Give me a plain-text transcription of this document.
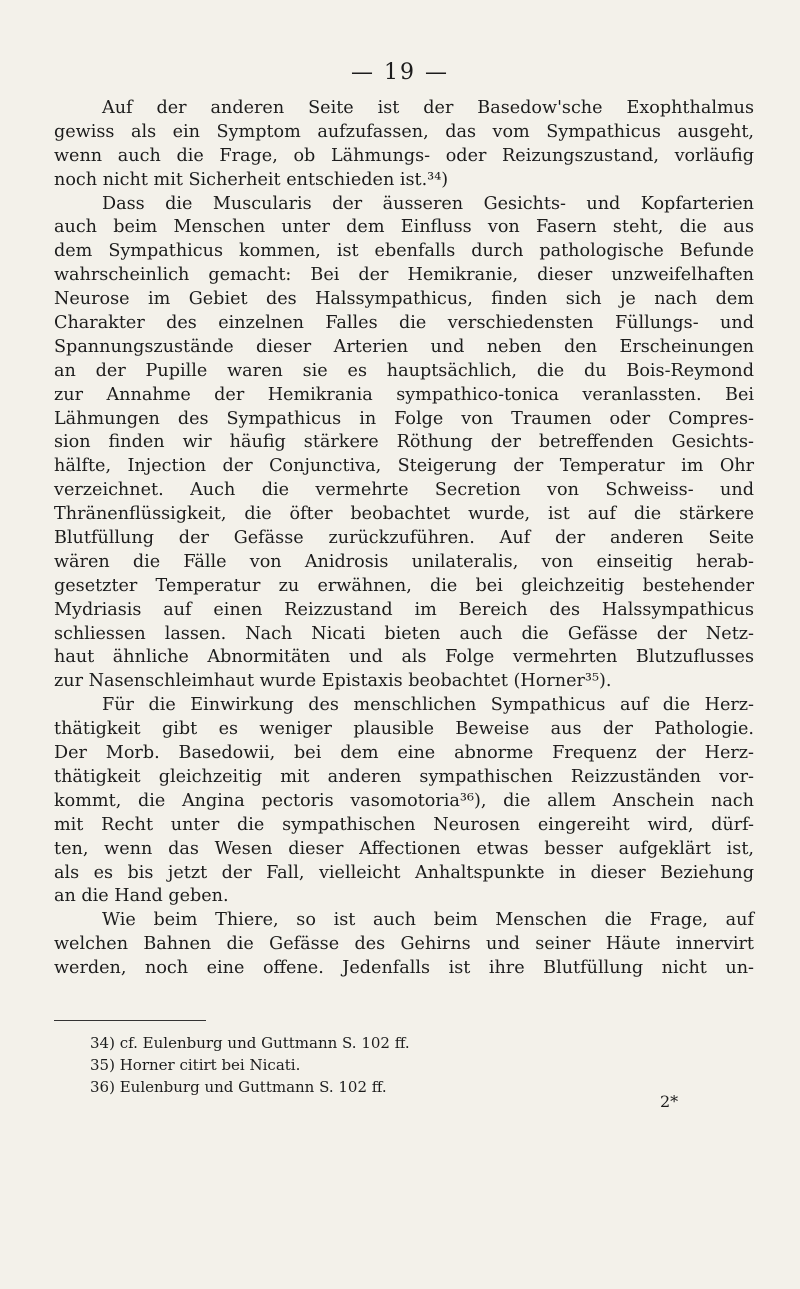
— 19 —
Auf der anderen Seite ist der Basedow'sche Exophthalmus
gewiss als ein Symptom aufzufassen, das vom Sympathicus ausgeht,
wenn auch die Frage, ob Lähmungs- oder Reizungszustand, vorläufig
noch nicht mit Sicherheit entschieden ist.³⁴)
Dass die Muscularis der äusseren Gesichts- und Kopfarterien
auch beim Menschen unter dem Einfluss von Fasern steht, die aus
dem Sympathicus kommen, ist ebenfalls durch pathologische Befunde
wahrscheinlich gemacht: Bei der Hemikranie, dieser unzweifelhaften
Neurose im Gebiet des Halssympathicus, finden sich je nach dem
Charakter des einzelnen Falles die verschiedensten Füllungs- und
Spannungszustände dieser Arterien und neben den Erscheinungen
an der Pupille waren sie es hauptsächlich, die du Bois-Reymond
zur Annahme der Hemikrania sympathico-tonica veranlassten. Bei
Lähmungen des Sympathicus in Folge von Traumen oder Compres-
sion finden wir häufig stärkere Röthung der betreffenden Gesichts-
hälfte, Injection der Conjunctiva, Steigerung der Temperatur im Ohr
verzeichnet. Auch die vermehrte Secretion von Schweiss- und
Thränenflüssigkeit, die öfter beobachtet wurde, ist auf die stärkere
Blutfüllung der Gefässe zurückzuführen. Auf der anderen Seite
wären die Fälle von Anidrosis unilateralis, von einseitig herab-
gesetzter Temperatur zu erwähnen, die bei gleichzeitig bestehender
Mydriasis auf einen Reizzustand im Bereich des Halssympathicus
schliessen lassen. Nach Nicati bieten auch die Gefässe der Netz-
haut ähnliche Abnormitäten und als Folge vermehrten Blutzuflusses
zur Nasenschleimhaut wurde Epistaxis beobachtet (Horner³⁵).
Für die Einwirkung des menschlichen Sympathicus auf die Herz-
thätigkeit gibt es weniger plausible Beweise aus der Pathologie.
Der Morb. Basedowii, bei dem eine abnorme Frequenz der Herz-
thätigkeit gleichzeitig mit anderen sympathischen Reizzuständen vor-
kommt, die Angina pectoris vasomotoria³⁶), die allem Anschein nach
mit Recht unter die sympathischen Neurosen eingereiht wird, dürf-
ten, wenn das Wesen dieser Affectionen etwas besser aufgeklärt ist,
als es bis jetzt der Fall, vielleicht Anhaltspunkte in dieser Beziehung
an die Hand geben.
Wie beim Thiere, so ist auch beim Menschen die Frage, auf
welchen Bahnen die Gefässe des Gehirns und seiner Häute innervirt
werden, noch eine offene. Jedenfalls ist ihre Blutfüllung nicht un-
34) cf. Eulenburg und Guttmann S. 102 ff.
35) Horner citirt bei Nicati.
36) Eulenburg und Guttmann S. 102 ff.
2*
